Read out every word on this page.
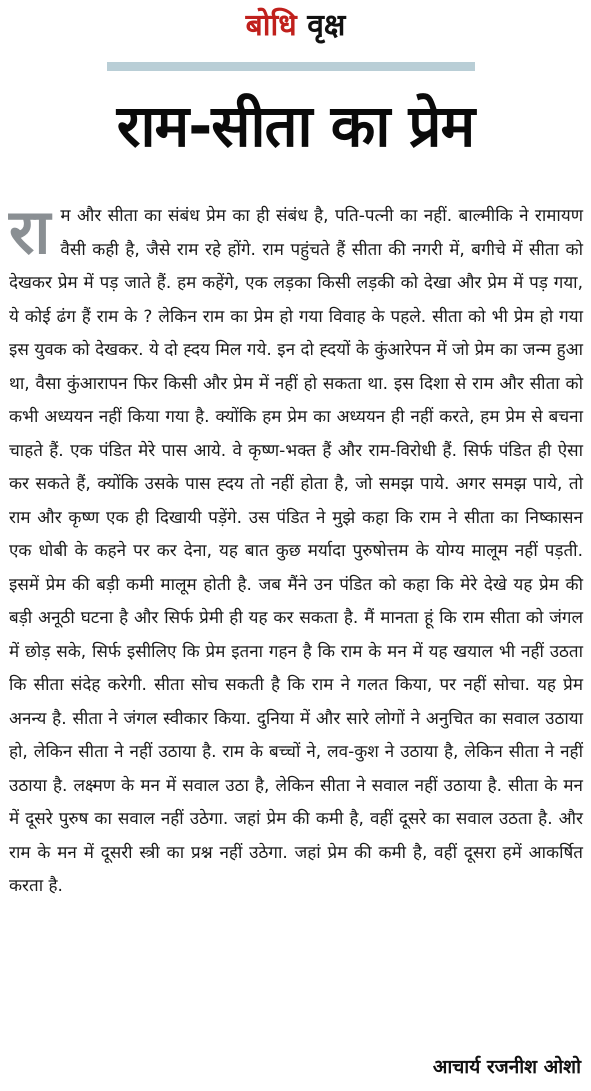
बोधि वृक्ष
राम-सीता का प्रेम
रा म और सीता का संबंध प्रेम का ही संबंध है, पति-पत्नी का नहीं. बाल्मीकि ने रामायण वैसी कही है, जैसे राम रहे होंगे. राम पहुंचते हैं सीता की नगरी में, बगीचे में सीता को देखकर प्रेम में पड़ जाते हैं. हम कहेंगे, एक लड़का किसी लड़की को देखा और प्रेम में पड़ गया, ये कोई ढंग हैं राम के ? लेकिन राम का प्रेम हो गया विवाह के पहले. सीता को भी प्रेम हो गया इस युवक को देखकर. ये दो ह्दय मिल गये. इन दो ह्दयों के कुंआरेपन में जो प्रेम का जन्म हुआ था, वैसा कुंआरापन फिर किसी और प्रेम में नहीं हो सकता था. इस दिशा से राम और सीता को कभी अध्ययन नहीं किया गया है. क्योंकि हम प्रेम का अध्ययन ही नहीं करते, हम प्रेम से बचना चाहते हैं. एक पंडित मेरे पास आये. वे कृष्ण-भक्त हैं और राम-विरोधी हैं. सिर्फ पंडित ही ऐसा कर सकते हैं, क्योंकि उसके पास ह्दय तो नहीं होता है, जो समझ पाये. अगर समझ पाये, तो राम और कृष्ण एक ही दिखायी पड़ेंगे. उस पंडित ने मुझे कहा कि राम ने सीता का निष्कासन एक धोबी के कहने पर कर देना, यह बात कुछ मर्यादा पुरुषोत्तम के योग्य मालूम नहीं पड़ती. इसमें प्रेम की बड़ी कमी मालूम होती है. जब मैंने उन पंडित को कहा कि मेरे देखे यह प्रेम की बड़ी अनूठी घटना है और सिर्फ प्रेमी ही यह कर सकता है. मैं मानता हूं कि राम सीता को जंगल में छोड़ सके, सिर्फ इसीलिए कि प्रेम इतना गहन है कि राम के मन में यह खयाल भी नहीं उठता कि सीता संदेह करेगी. सीता सोच सकती है कि राम ने गलत किया, पर नहीं सोचा. यह प्रेम अनन्य है. सीता ने जंगल स्वीकार किया. दुनिया में और सारे लोगों ने अनुचित का सवाल उठाया हो, लेकिन सीता ने नहीं उठाया है. राम के बच्चों ने, लव-कुश ने उठाया है, लेकिन सीता ने नहीं उठाया है. लक्ष्मण के मन में सवाल उठा है, लेकिन सीता ने सवाल नहीं उठाया है. सीता के मन में दूसरे पुरुष का सवाल नहीं उठेगा. जहां प्रेम की कमी है, वहीं दूसरे का सवाल उठता है. और राम के मन में दूसरी स्त्री का प्रश्न नहीं उठेगा. जहां प्रेम की कमी है, वहीं दूसरा हमें आकर्षित करता है.
आचार्य रजनीश ओशो
